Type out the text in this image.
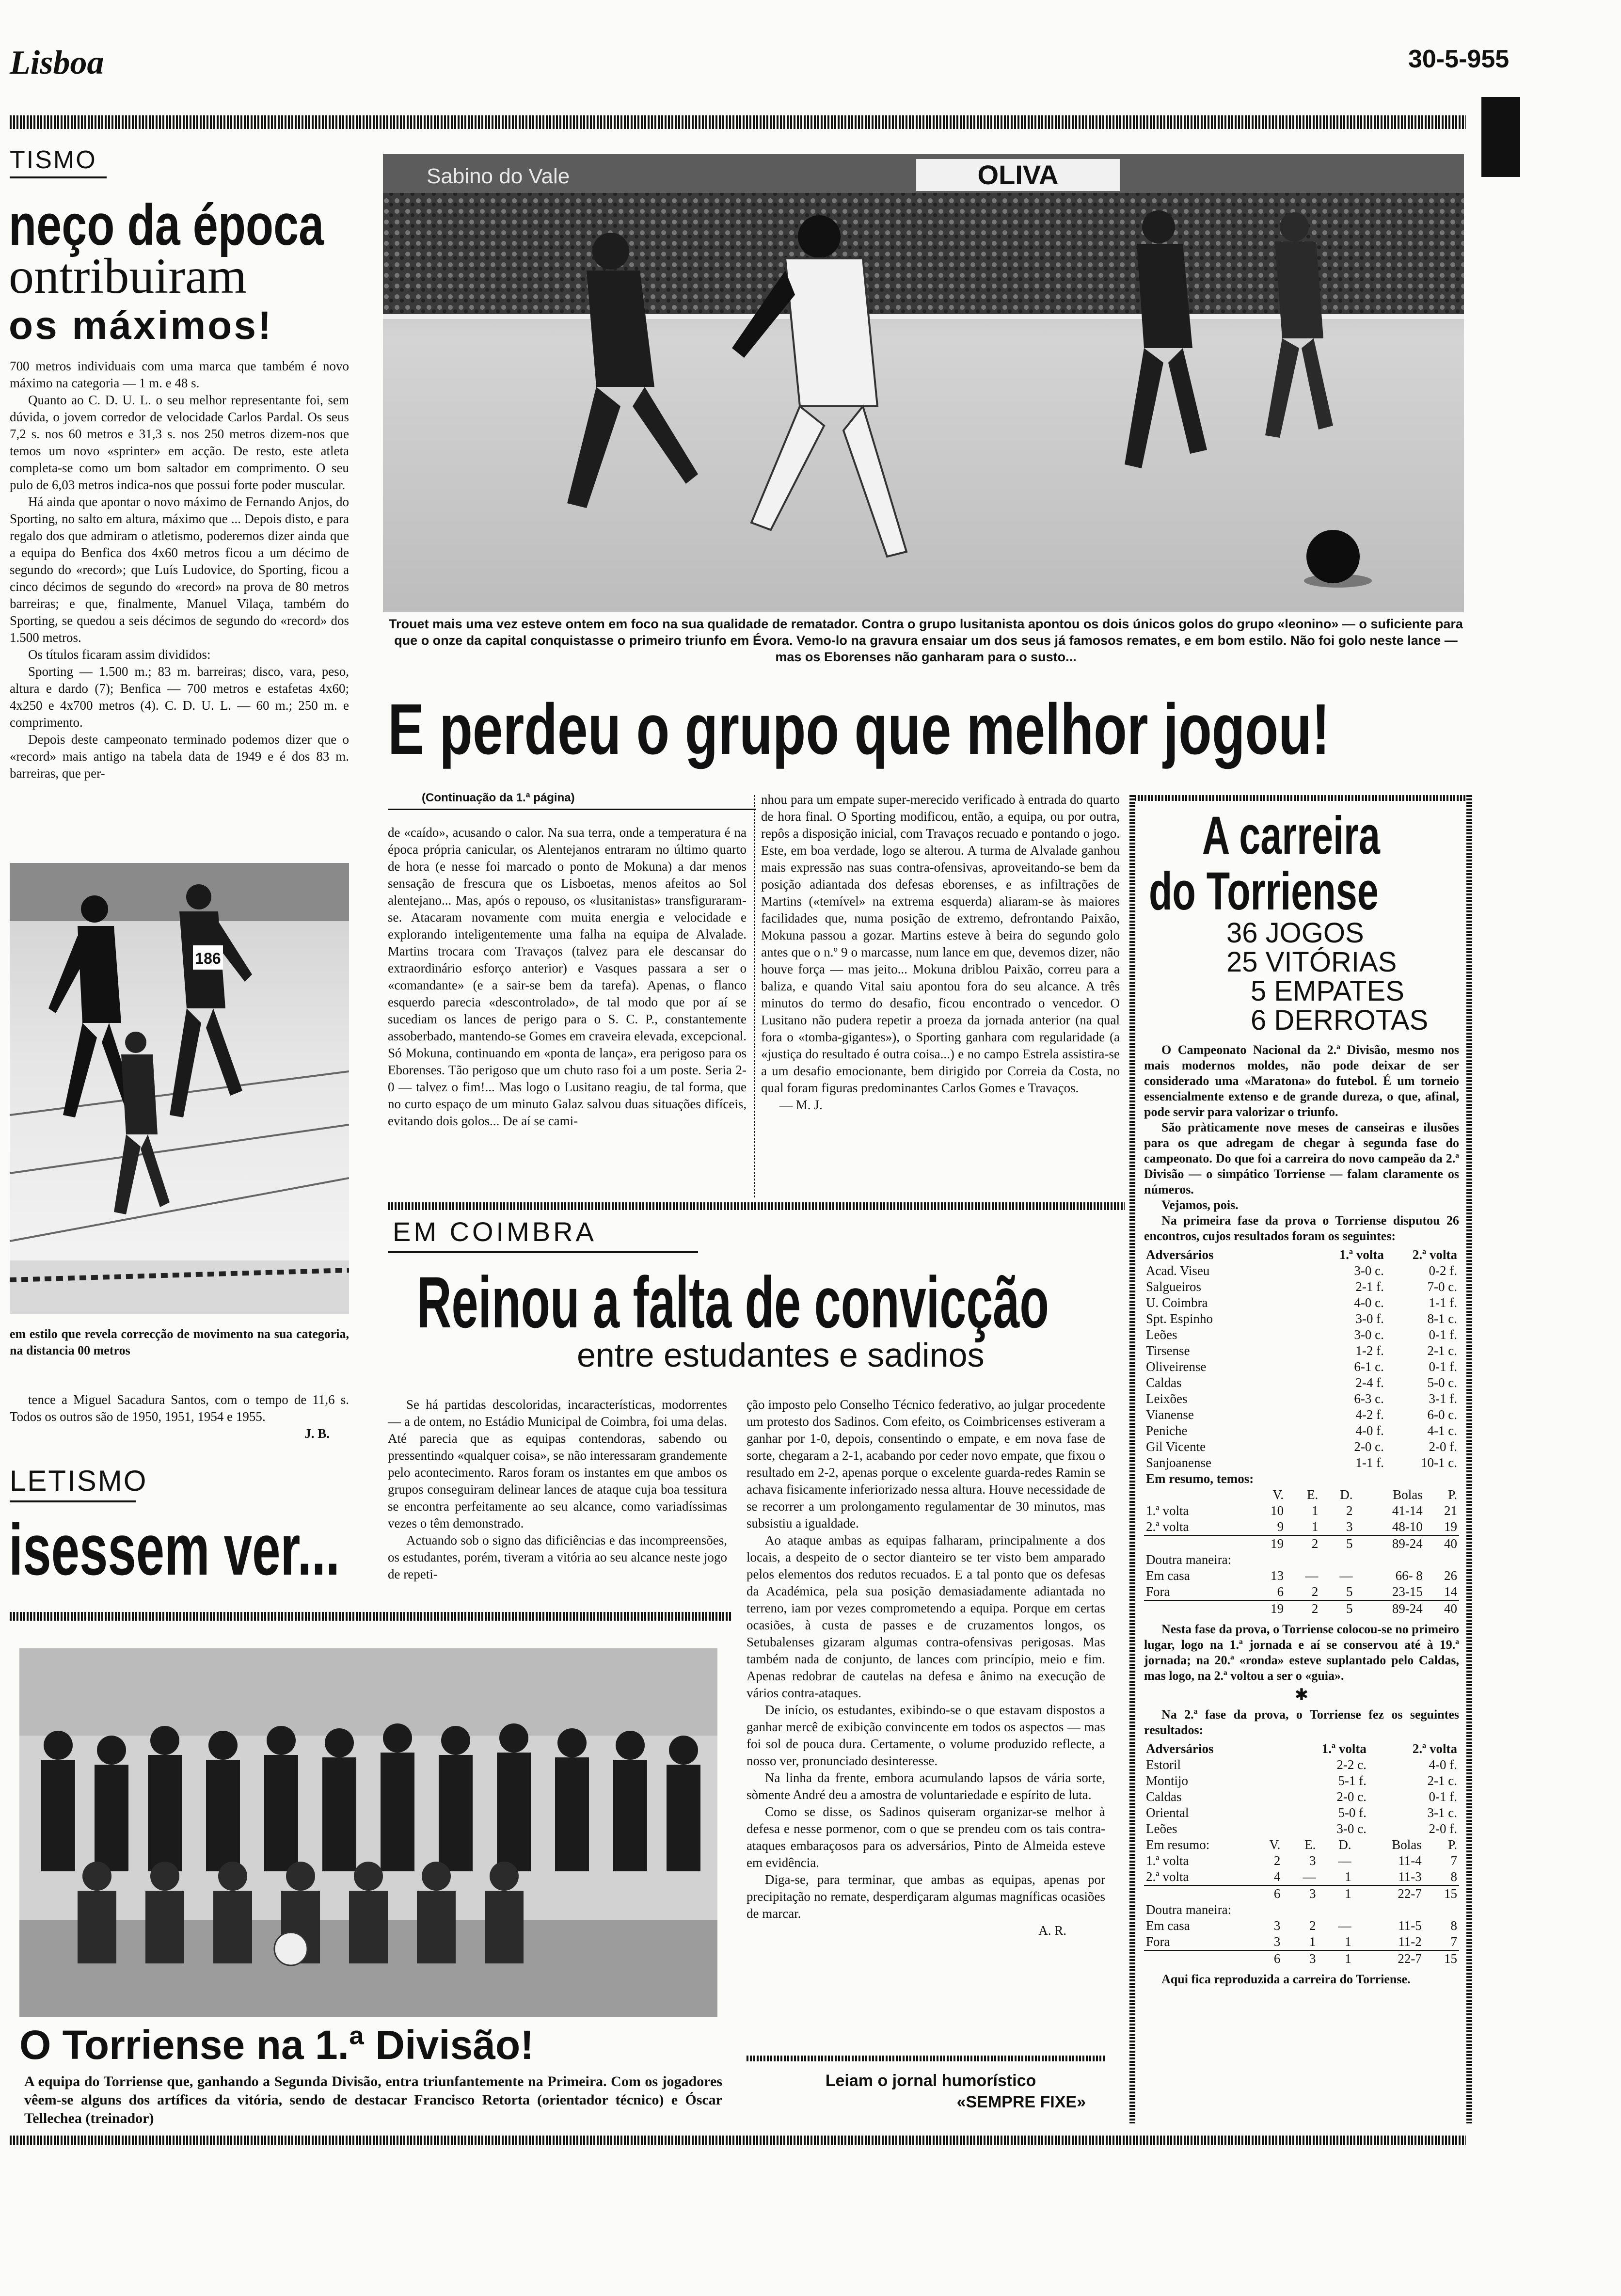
Lisboa	30-5-955
TISMO
neço da época
ontribuiram
os máximos!

700 metros individuais com uma marca que também é novo máximo na categoria — 1 m. e 48 s.

Quanto ao C. D. U. L. o seu melhor representante foi, sem dúvida, o jovem corredor de velocidade Carlos Pardal. Os seus 7,2 s. nos 60 metros e 31,3 s. nos 250 metros dizem-nos que temos um novo «sprinter» em acção. De resto, este atleta completa-se como um bom saltador em comprimento. O seu pulo de 6,03 metros indica-nos que possui forte poder muscular.

Há ainda que apontar o novo máximo de Fernando Anjos, do Sporting, no salto em altura, máximo que ... Depois disto, e para regalo dos que admiram o atletismo, poderemos dizer ainda que a equipa do Benfica dos 4x60 metros ficou a um décimo de segundo do «record»; que Luís Ludovice, do Sporting, ficou a cinco décimos de segundo do «record» na prova de 80 metros barreiras; e que, finalmente, Manuel Vilaça, também do Sporting, se quedou a seis décimos de segundo do «record» dos 1.500 metros.

Os títulos ficaram assim divididos:

Sporting — 1.500 m.; 83 m. barreiras; disco, vara, peso, altura e dardo (7); Benfica — 700 metros e estafetas 4x60; 4x250 e 4x700 metros (4). C. D. U. L. — 60 m.; 250 m. e comprimento.

Depois deste campeonato terminado podemos dizer que o «record» mais antigo na tabela data de 1949 e é dos 83 m. barreiras, que per-

186
em estilo que revela correcção de movimento na sua categoria, na distancia 00 metros

tence a Miguel Sacadura Santos, com o tempo de 11,6 s. Todos os outros são de 1950, 1951, 1954 e 1955.

J. B.

LETISMO
isessem ver...
Sabino do Vale	OLIVA
Trouet mais uma vez esteve ontem em foco na sua qualidade de rematador. Contra o grupo lusitanista apontou os dois únicos golos do grupo «leonino» — o suficiente para que o onze da capital conquistasse o primeiro triunfo em Évora. Vemo-lo na gravura ensaiar um dos seus já famosos remates, e em bom estilo. Não foi golo neste lance — mas os Eborenses não ganharam para o susto...
E perdeu o grupo que melhor jogou!
(Continuação da 1.ª página)

de «caído», acusando o calor. Na sua terra, onde a temperatura é na época própria canicular, os Alentejanos entraram no último quarto de hora (e nesse foi marcado o ponto de Mokuna) a dar menos sensação de frescura que os Lisboetas, menos afeitos ao Sol alentejano... Mas, após o repouso, os «lusitanistas» transfiguraram-se. Atacaram novamente com muita energia e velocidade e explorando inteligentemente uma falha na equipa de Alvalade. Martins trocara com Travaços (talvez para ele descansar do extraordinário esforço anterior) e Vasques passara a ser o «comandante» (e a sair-se bem da tarefa). Apenas, o flanco esquerdo parecia «descontrolado», de tal modo que por aí se sucediam os lances de perigo para o S. C. P., constantemente assoberbado, mantendo-se Gomes em craveira elevada, excepcional. Só Mokuna, continuando em «ponta de lança», era perigoso para os Eborenses. Tão perigoso que um chuto raso foi a um poste. Seria 2-0 — talvez o fim!... Mas logo o Lusitano reagiu, de tal forma, que no curto espaço de um minuto Galaz salvou duas situações difíceis, evitando dois golos... De aí se cami-

nhou para um empate super-merecido verificado à entrada do quarto de hora final. O Sporting modificou, então, a equipa, ou por outra, repôs a disposição inicial, com Travaços recuado e pontando o jogo. Este, em boa verdade, logo se alterou. A turma de Alvalade ganhou mais expressão nas suas contra-ofensivas, aproveitando-se bem da posição adiantada dos defesas eborenses, e as infiltrações de Martins («temível» na extrema esquerda) aliaram-se às maiores facilidades que, numa posição de extremo, defrontando Paixão, Mokuna passou a gozar. Martins esteve à beira do segundo golo antes que o n.º 9 o marcasse, num lance em que, devemos dizer, não houve força — mas jeito... Mokuna driblou Paixão, correu para a baliza, e quando Vital saiu apontou fora do seu alcance. A três minutos do termo do desafio, ficou encontrado o vencedor. O Lusitano não pudera repetir a proeza da jornada anterior (na qual fora o «tomba-gigantes»), o Sporting ganhara com regularidade (a «justiça do resultado é outra coisa...) e no campo Estrela assistira-se a um desafio emocionante, bem dirigido por Correia da Costa, no qual foram figuras predominantes Carlos Gomes e Travaços.

— M. J.

EM COIMBRA
Reinou a falta de convicção
entre estudantes e sadinos

Se há partidas descoloridas, incaracterísticas, modorrentes — a de ontem, no Estádio Municipal de Coimbra, foi uma delas. Até parecia que as equipas contendoras, sabendo ou pressentindo «qualquer coisa», se não interessaram grandemente pelo acontecimento. Raros foram os instantes em que ambos os grupos conseguiram delinear lances de ataque cuja boa tessitura se encontra perfeitamente ao seu alcance, como variadíssimas vezes o têm demonstrado.

Actuando sob o signo das dificiências e das incompreensões, os estudantes, porém, tiveram a vitória ao seu alcance neste jogo de repeti-

ção imposto pelo Conselho Técnico federativo, ao julgar procedente um protesto dos Sadinos. Com efeito, os Coimbricenses estiveram a ganhar por 1-0, depois, consentindo o empate, e em nova fase de sorte, chegaram a 2-1, acabando por ceder novo empate, que fixou o resultado em 2-2, apenas porque o excelente guarda-redes Ramin se achava fisicamente inferiorizado nessa altura. Houve necessidade de se recorrer a um prolongamento regulamentar de 30 minutos, mas subsistiu a igualdade.

Ao ataque ambas as equipas falharam, principalmente a dos locais, a despeito de o sector dianteiro se ter visto bem amparado pelos elementos dos redutos recuados. E a tal ponto que os defesas da Académica, pela sua posição demasiadamente adiantada no terreno, iam por vezes comprometendo a equipa. Porque em certas ocasiões, à custa de passes e de cruzamentos longos, os Setubalenses gizaram algumas contra-ofensivas perigosas. Mas também nada de conjunto, de lances com princípio, meio e fim. Apenas redobrar de cautelas na defesa e ânimo na execução de vários contra-ataques.

De início, os estudantes, exibindo-se o que estavam dispostos a ganhar mercê de exibição convincente em todos os aspectos — mas foi sol de pouca dura. Certamente, o volume produzido reflecte, a nosso ver, pronunciado desinteresse.

Na linha da frente, embora acumulando lapsos de vária sorte, sòmente André deu a amostra de voluntariedade e espírito de luta.

Como se disse, os Sadinos quiseram organizar-se melhor à defesa e nesse pormenor, com o que se prendeu com os tais contra-ataques embaraçosos para os adversários, Pinto de Almeida esteve em evidência.

Diga-se, para terminar, que ambas as equipas, apenas por precipitação no remate, desperdiçaram algumas magníficas ocasiões de marcar.

A. R.

O Torriense na 1.ª Divisão!
A equipa do Torriense que, ganhando a Segunda Divisão, entra triunfantemente na Primeira. Com os jogadores vêem-se alguns dos artífices da vitória, sendo de destacar Francisco Retorta (orientador técnico) e Óscar Tellechea (treinador)
Leiam o jornal humorístico
«SEMPRE FIXE»
A carreira
do Torriense
36 JOGOS
25 VITÓRIAS
5 EMPATES
6 DERROTAS

O Campeonato Nacional da 2.ª Divisão, mesmo nos mais modernos moldes, não pode deixar de ser considerado uma «Maratona» do futebol. É um torneio essencialmente extenso e de grande dureza, o que, afinal, pode servir para valorizar o triunfo.

São pràticamente nove meses de canseiras e ilusões para os que adregam de chegar à segunda fase do campeonato. Do que foi a carreira do novo campeão da 2.ª Divisão — o simpático Torriense — falam claramente os números.

Vejamos, pois.

Na primeira fase da prova o Torriense disputou 26 encontros, cujos resultados foram os seguintes:

Adversários	1.ª volta	2.ª volta
Acad. Viseu	3-0 c.	0-2 f.
Salgueiros	2-1 f.	7-0 c.
U. Coimbra	4-0 c.	1-1 f.
Spt. Espinho	3-0 f.	8-1 c.
Leões	3-0 c.	0-1 f.
Tirsense	1-2 f.	2-1 c.
Oliveirense	6-1 c.	0-1 f.
Caldas	2-4 f.	5-0 c.
Leixões	6-3 c.	3-1 f.
Vianense	4-2 f.	6-0 c.
Peniche	4-0 f.	4-1 c.
Gil Vicente	2-0 c.	2-0 f.
Sanjoanense	1-1 f.	10-1 c.
Em resumo, temos:		
	V.	E.	D.	Bolas	P.
1.ª volta	10	1	2	41-14	21
2.ª volta	9	1	3	48-10	19
	19	2	5	89-24	40
Doutra maneira:					
Em casa	13	—	—	66- 8	26
Fora	6	2	5	23-15	14
	19	2	5	89-24	40

Nesta fase da prova, o Torriense colocou-se no primeiro lugar, logo na 1.ª jornada e aí se conservou até à 19.ª jornada; na 20.ª «ronda» esteve suplantado pelo Caldas, mas logo, na 2.ª voltou a ser o «guia».

✱

Na 2.ª fase da prova, o Torriense fez os seguintes resultados:

Adversários	1.ª volta	2.ª volta
Estoril	2-2 c.	4-0 f.
Montijo	5-1 f.	2-1 c.
Caldas	2-0 c.	0-1 f.
Oriental	5-0 f.	3-1 c.
Leões	3-0 c.	2-0 f.
Em resumo:	V.	E.	D.	Bolas	P.
1.ª volta	2	3	—	11-4	7
2.ª volta	4	—	1	11-3	8
	6	3	1	22-7	15
Doutra maneira:					
Em casa	3	2	—	11-5	8
Fora	3	1	1	11-2	7
	6	3	1	22-7	15

Aqui fica reproduzida a carreira do Torriense.
